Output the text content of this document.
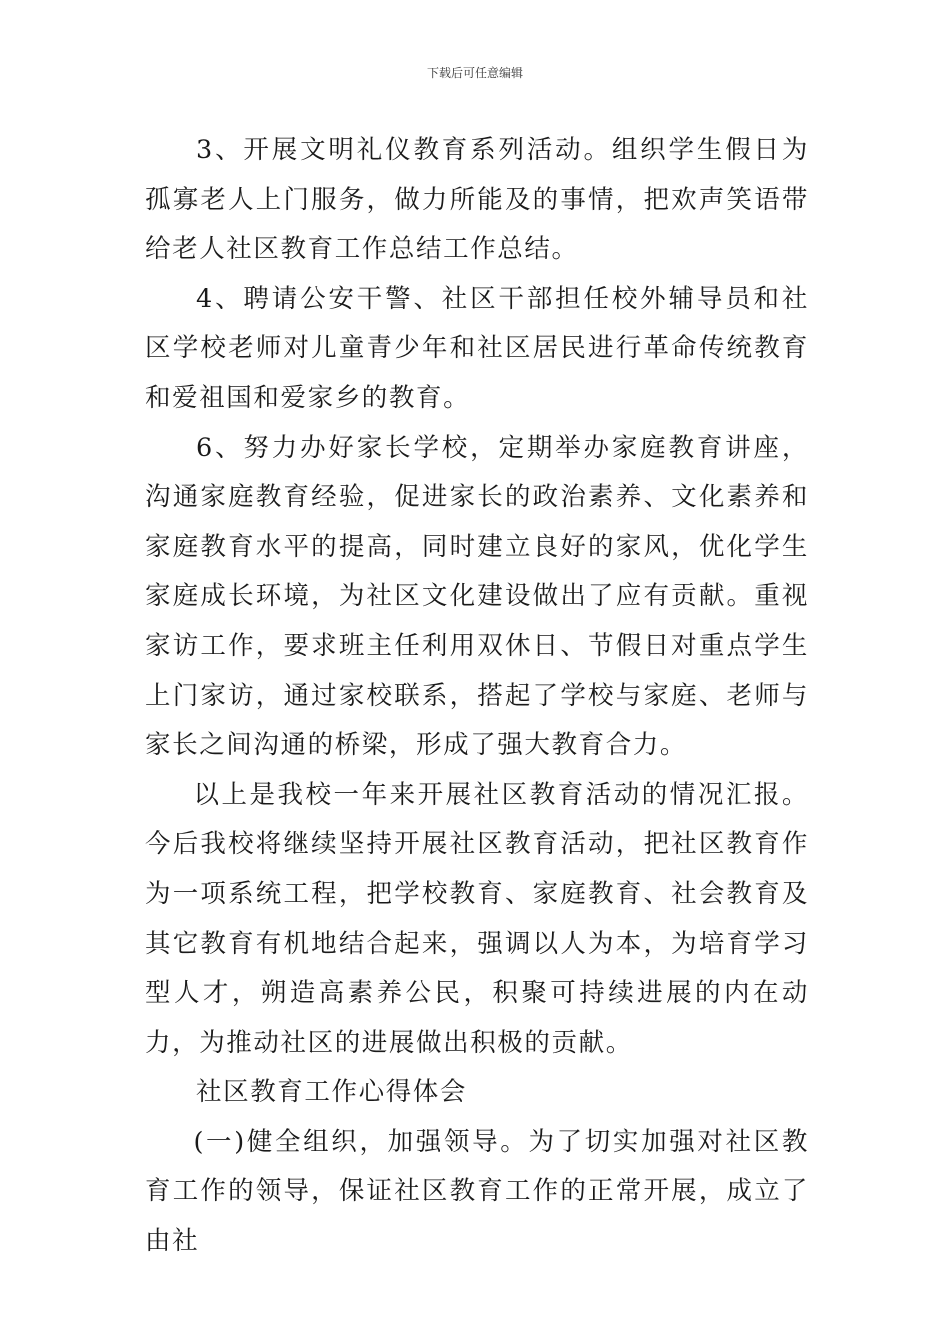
下载后可任意编辑

3、开展文明礼仪教育系列活动。组织学生假日为孤寡老人上门服务，做力所能及的事情，把欢声笑语带给老人社区教育工作总结工作总结。

4、聘请公安干警、社区干部担任校外辅导员和社区学校老师对儿童青少年和社区居民进行革命传统教育和爱祖国和爱家乡的教育。

6、努力办好家长学校，定期举办家庭教育讲座，沟通家庭教育经验，促进家长的政治素养、文化素养和家庭教育水平的提高，同时建立良好的家风，优化学生家庭成长环境，为社区文化建设做出了应有贡献。重视家访工作，要求班主任利用双休日、节假日对重点学生上门家访，通过家校联系，搭起了学校与家庭、老师与家长之间沟通的桥梁，形成了强大教育合力。

以上是我校一年来开展社区教育活动的情况汇报。今后我校将继续坚持开展社区教育活动，把社区教育作为一项系统工程，把学校教育、家庭教育、社会教育及其它教育有机地结合起来，强调以人为本，为培育学习型人才，朔造高素养公民，积聚可持续进展的内在动力，为推动社区的进展做出积极的贡献。

社区教育工作心得体会

(一)健全组织，加强领导。为了切实加强对社区教育工作的领导，保证社区教育工作的正常开展，成立了由社
